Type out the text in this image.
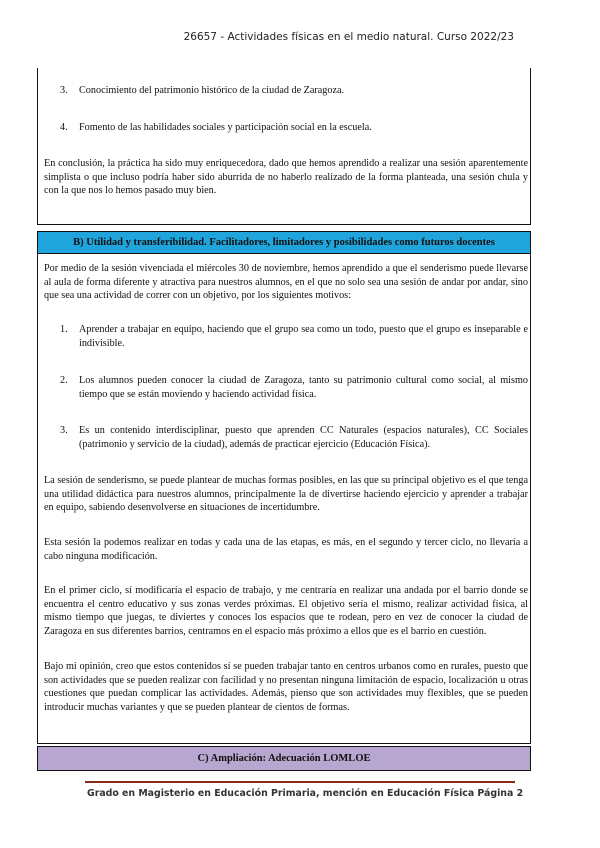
26657 - Actividades físicas en el medio natural. Curso 2022/23
3. Conocimiento del patrimonio histórico de la ciudad de Zaragoza.
4. Fomento de las habilidades sociales y participación social en la escuela.
En conclusión, la práctica ha sido muy enriquecedora, dado que hemos aprendido a realizar una sesión aparentemente simplista o que incluso podría haber sido aburrida de no haberlo realizado de la forma planteada, una sesión chula y con la que nos lo hemos pasado muy bien.
B) Utilidad y transferibilidad. Facilitadores, limitadores y posibilidades como futuros docentes
Por medio de la sesión vivenciada el miércoles 30 de noviembre, hemos aprendido a que el senderismo puede llevarse al aula de forma diferente y atractiva para nuestros alumnos, en el que no solo sea una sesión de andar por andar, sino que sea una actividad de correr con un objetivo, por los siguientes motivos:
1. Aprender a trabajar en equipo, haciendo que el grupo sea como un todo, puesto que el grupo es inseparable e indivisible.
2. Los alumnos pueden conocer la ciudad de Zaragoza, tanto su patrimonio cultural como social, al mismo tiempo que se están moviendo y haciendo actividad física.
3. Es un contenido interdisciplinar, puesto que aprenden CC Naturales (espacios naturales), CC Sociales (patrimonio y servicio de la ciudad), además de practicar ejercicio (Educación Física).
La sesión de senderismo, se puede plantear de muchas formas posibles, en las que su principal objetivo es el que tenga una utilidad didáctica para nuestros alumnos, principalmente la de divertirse haciendo ejercicio y aprender a trabajar en equipo, sabiendo desenvolverse en situaciones de incertidumbre.
Esta sesión la podemos realizar en todas y cada una de las etapas, es más, en el segundo y tercer ciclo, no llevaría a cabo ninguna modificación.
En el primer ciclo, sí modificaría el espacio de trabajo, y me centraría en realizar una andada por el barrio donde se encuentra el centro educativo y sus zonas verdes próximas. El objetivo sería el mismo, realizar actividad física, al mismo tiempo que juegas, te diviertes y conoces los espacios que te rodean, pero en vez de conocer la ciudad de Zaragoza en sus diferentes barrios, centramos en el espacio más próximo a ellos que es el barrio en cuestión.
Bajo mi opinión, creo que estos contenidos sí se pueden trabajar tanto en centros urbanos como en rurales, puesto que son actividades que se pueden realizar con facilidad y no presentan ninguna limitación de espacio, localización u otras cuestiones que puedan complicar las actividades. Además, pienso que son actividades muy flexibles, que se pueden introducir muchas variantes y que se pueden plantear de cientos de formas.
C) Ampliación: Adecuación LOMLOE
Grado en Magisterio en Educación Primaria, mención en Educación Física Página 2
